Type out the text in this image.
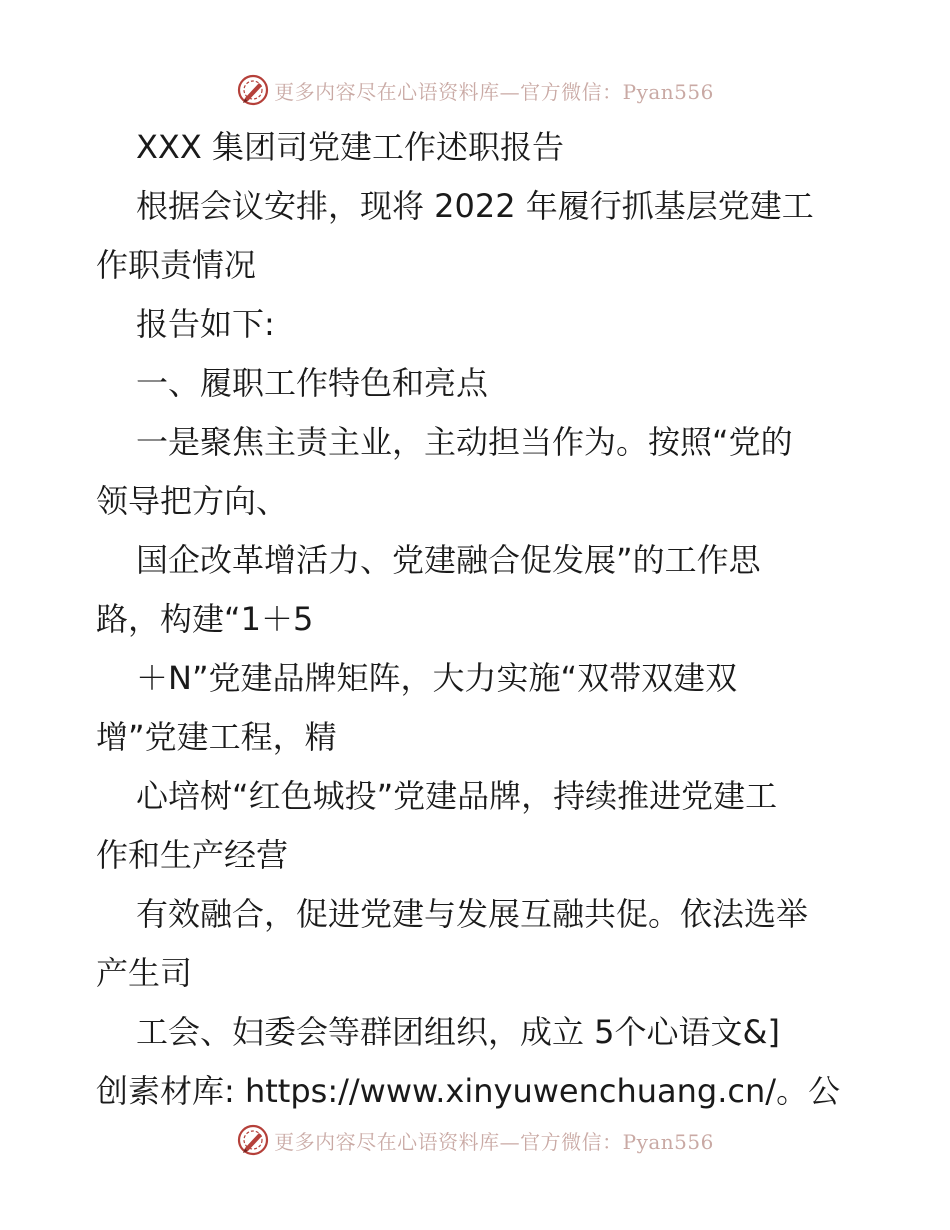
更多内容尽在心语资料库—官方微信：Pyan556
XXX 集团司党建工作述职报告
根据会议安排，现将 2022 年履行抓基层党建工
作职责情况
报告如下:
一、履职工作特色和亮点
一是聚焦主责主业，主动担当作为。按照“党的
领导把方向、
国企改革增活力、党建融合促发展”的工作思
路，构建“1＋5
＋N”党建品牌矩阵，大力实施“双带双建双
增”党建工程，精
心培树“红色城投”党建品牌，持续推进党建工
作和生产经营
有效融合，促进党建与发展互融共促。依法选举
产生司
工会、妇委会等群团组织，成立 5个心语文&]
创素材库: https://www.xinyuwenchuang.cn/。公
更多内容尽在心语资料库—官方微信：Pyan556
